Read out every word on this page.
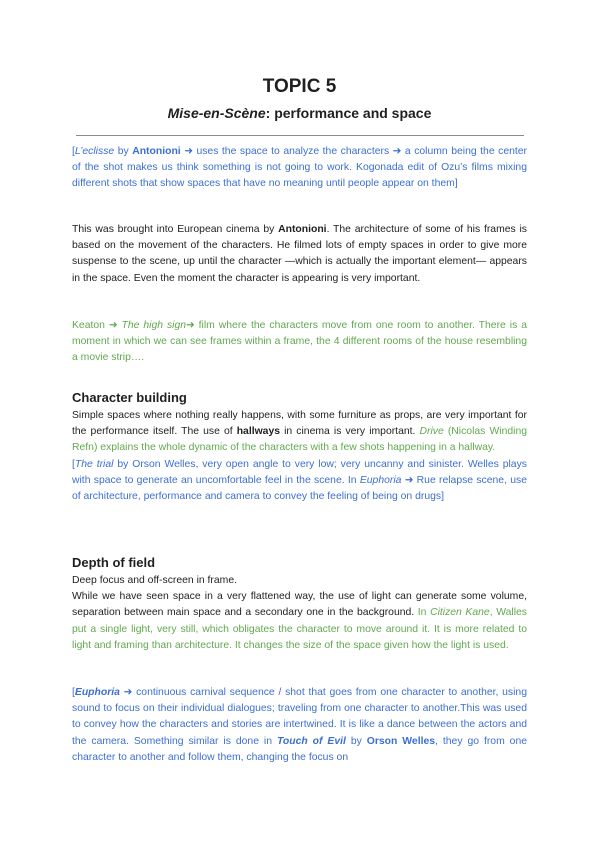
TOPIC 5
Mise-en-Scène: performance and space

[L’eclisse by Antonioni ➜ uses the space to analyze the characters ➜ a column being the center of the shot makes us think something is not going to work. Kogonada edit of Ozu’s films mixing different shots that show spaces that have no meaning until people appear on them]

This was brought into European cinema by Antonioni. The architecture of some of his frames is based on the movement of the characters. He filmed lots of empty spaces in order to give more suspense to the scene, up until the character —which is actually the important element— appears in the space. Even the moment the character is appearing is very important.

Keaton ➜ The high sign➜ film where the characters move from one room to another. There is a moment in which we can see frames within a frame, the 4 different rooms of the house resembling a movie strip….

Character building

Simple spaces where nothing really happens, with some furniture as props, are very important for the performance itself. The use of hallways in cinema is very important. Drive (Nicolas Winding Refn) explains the whole dynamic of the characters with a few shots happening in a hallway.
[The trial by Orson Welles, very open angle to very low; very uncanny and sinister. Welles plays with space to generate an uncomfortable feel in the scene. In Euphoria ➜ Rue relapse scene, use of architecture, performance and camera to convey the feeling of being on drugs]

Depth of field

Deep focus and off-screen in frame.
While we have seen space in a very flattened way, the use of light can generate some volume, separation between main space and a secondary one in the background. In Citizen Kane, Walles put a single light, very still, which obligates the character to move around it. It is more related to light and framing than architecture. It changes the size of the space given how the light is used.

[Euphoria ➜ continuous carnival sequence / shot that goes from one character to another, using sound to focus on their individual dialogues; traveling from one character to another.This was used to convey how the characters and stories are intertwined. It is like a dance between the actors and the camera. Something similar is done in Touch of Evil by Orson Welles, they go from one character to another and follow them, changing the focus on
